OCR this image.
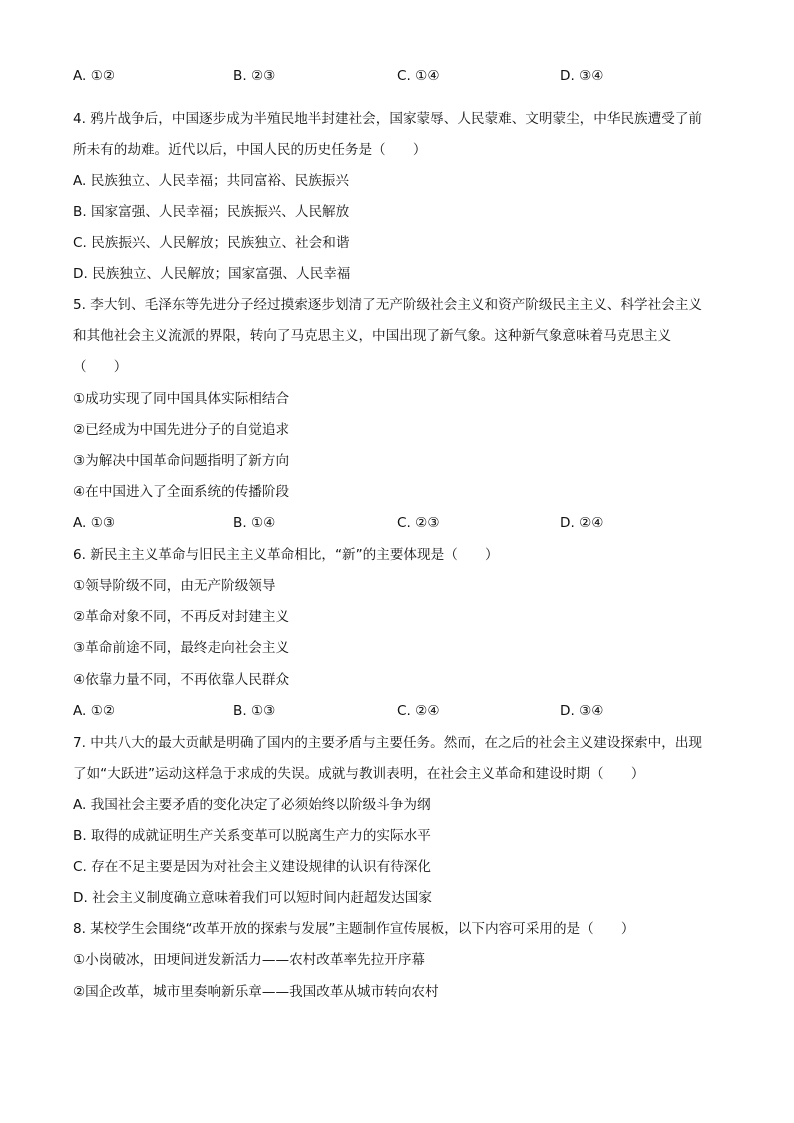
A. ①②	B. ②③	C. ①④	D. ③④
4. 鸦片战争后，中国逐步成为半殖民地半封建社会，国家蒙辱、人民蒙难、文明蒙尘，中华民族遭受了前
所未有的劫难。近代以后，中国人民的历史任务是（　　）
A. 民族独立、人民幸福；共同富裕、民族振兴
B. 国家富强、人民幸福；民族振兴、人民解放
C. 民族振兴、人民解放；民族独立、社会和谐
D. 民族独立、人民解放；国家富强、人民幸福
5. 李大钊、毛泽东等先进分子经过摸索逐步划清了无产阶级社会主义和资产阶级民主主义、科学社会主义
和其他社会主义流派的界限，转向了马克思主义，中国出现了新气象。这种新气象意味着马克思主义
（　　）
①成功实现了同中国具体实际相结合
②已经成为中国先进分子的自觉追求
③为解决中国革命问题指明了新方向
④在中国进入了全面系统的传播阶段
A. ①③	B. ①④	C. ②③	D. ②④
6. 新民主主义革命与旧民主主义革命相比，“新”的主要体现是（　　）
①领导阶级不同，由无产阶级领导
②革命对象不同，不再反对封建主义
③革命前途不同，最终走向社会主义
④依靠力量不同，不再依靠人民群众
A. ①②	B. ①③	C. ②④	D. ③④
7. 中共八大的最大贡献是明确了国内的主要矛盾与主要任务。然而，在之后的社会主义建设探索中，出现
了如“大跃进”运动这样急于求成的失误。成就与教训表明，在社会主义革命和建设时期（　　）
A. 我国社会主要矛盾的变化决定了必须始终以阶级斗争为纲
B. 取得的成就证明生产关系变革可以脱离生产力的实际水平
C. 存在不足主要是因为对社会主义建设规律的认识有待深化
D. 社会主义制度确立意味着我们可以短时间内赶超发达国家
8. 某校学生会围绕“改革开放的探索与发展”主题制作宣传展板，以下内容可采用的是（　　）
①小岗破冰，田埂间迸发新活力——农村改革率先拉开序幕
②国企改革，城市里奏响新乐章——我国改革从城市转向农村
